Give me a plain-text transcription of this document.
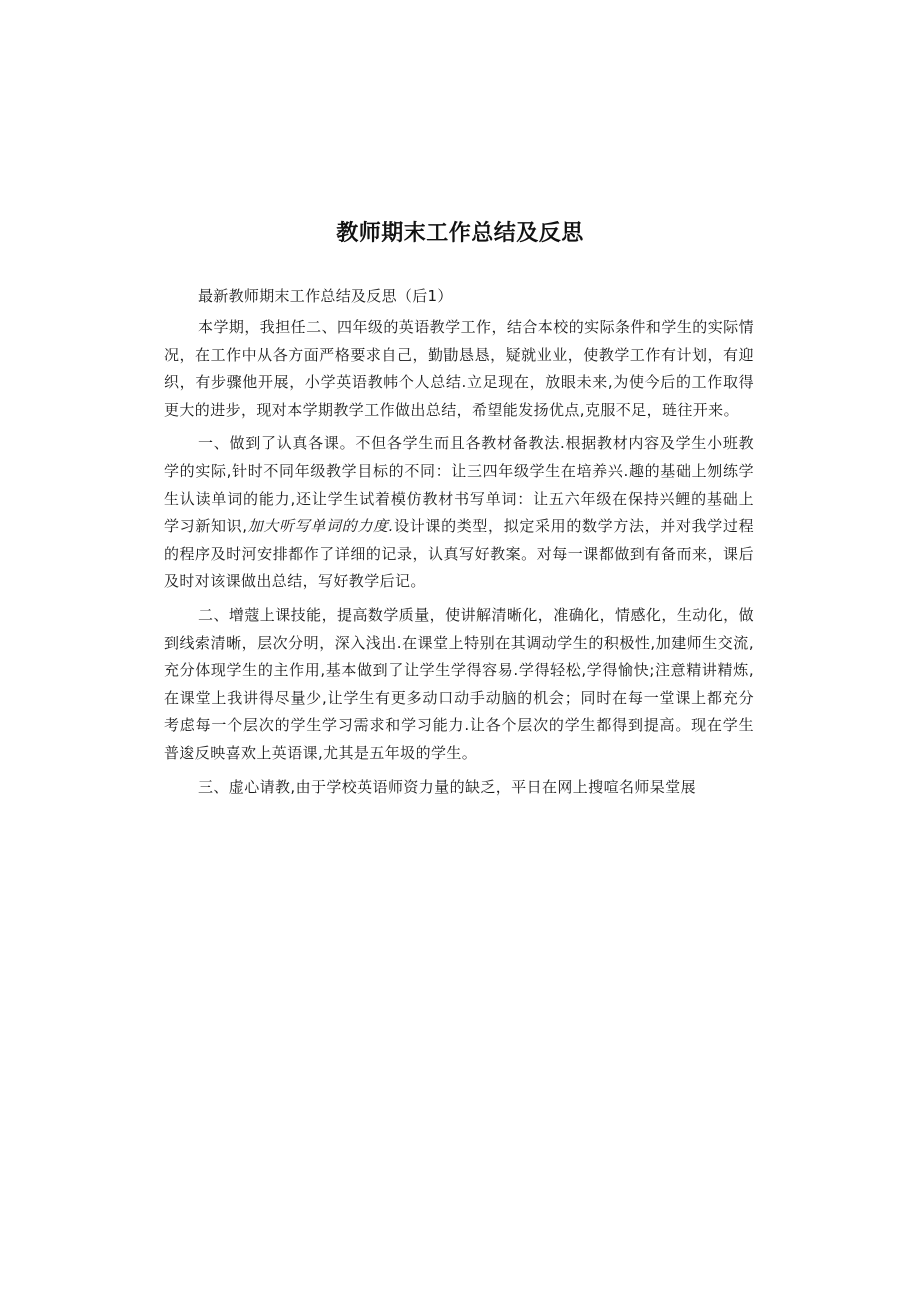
教师期末工作总结及反思

最新教师期末工作总结及反思（后1）

本学期，我担任二、四年级的英语教学工作，结合本校的实际条件和学生的实际情况，在工作中从各方面严格要求自己，勤勖恳恳，疑就业业，使教学工作有计划，有迎织，有步骤他开展，小学英语教帏个人总结.立足现在，放眼未来,为使今后的工作取得更大的进步，现对本学期教学工作做出总结，希望能发扬优点,克服不足，琏往开来。

一、做到了认真各课。不但各学生而且各教材备教法.根据教材内容及学生小班教学的实际,针时不同年级教学目标的不同：让三四年级学生在培养兴.趣的基础上刎练学生认读单词的能力,还让学生试着模仿教材书写单词：让五六年级在保持兴鲤的基础上学习新知识,加大听写单词的力度.设计课的类型，拟定采用的数学方法，并对我学过程的程序及时河安排都作了详细的记录，认真写好教案。对每一课都做到有备而来，课后及时对该课做出总结，写好教学后记。

二、增蔻上课技能，提高数学质量，使讲解清晰化，准确化，情感化，生动化，做到线索清晰，层次分明，深入浅出.在课堂上特别在其调动学生的积极性,加建师生交流,充分体现学生的主作用,基本做到了让学生学得容易.学得轻松,学得愉快;注意精讲精炼,在课堂上我讲得尽量少,让学生有更多动口动手动脑的机会；同时在每一堂课上都充分考虑每一个层次的学生学习需求和学习能力.让各个层次的学生都得到提高。现在学生普逡反映喜欢上英语课,尤其是五年圾的学生。

三、虚心请教,由于学校英语师资力量的缺乏，平日在网上搜喧名师杲堂展
